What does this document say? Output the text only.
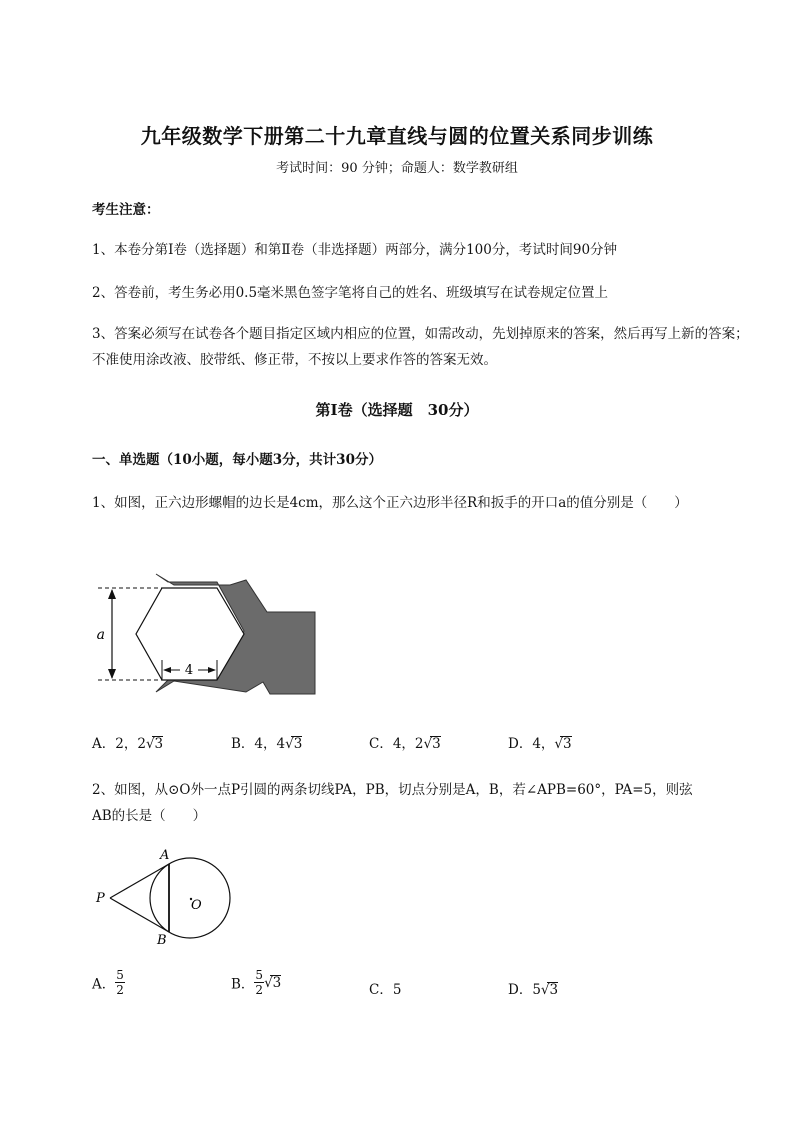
九年级数学下册第二十九章直线与圆的位置关系同步训练
考试时间：90 分钟；命题人：数学教研组
考生注意：
1、本卷分第Ⅰ卷（选择题）和第Ⅱ卷（非选择题）两部分，满分100分，考试时间90分钟
2、答卷前，考生务必用0.5毫米黑色签字笔将自己的姓名、班级填写在试卷规定位置上
3、答案必须写在试卷各个题目指定区域内相应的位置，如需改动，先划掉原来的答案，然后再写上新的答案；不准使用涂改液、胶带纸、修正带，不按以上要求作答的答案无效。
第Ⅰ卷（选择题　30分）
一、单选题（10小题，每小题3分，共计30分）
1、如图，正六边形螺帽的边长是4cm，那么这个正六边形半径R和扳手的开口a的值分别是（　　）
a
4
A．2，2√
3	B．4，4√
3	C．4，2√
3	D．4，√
3
2、如图，从⊙O外一点P引圆的两条切线PA，PB，切点分别是A，B，若∠APB=60°，PA=5，则弦
AB的长是（　　）
A
B
P	O
A． $\frac{5}{2}$	B． $\frac{5}{2}$ √
3	C．5	D．5√
3
